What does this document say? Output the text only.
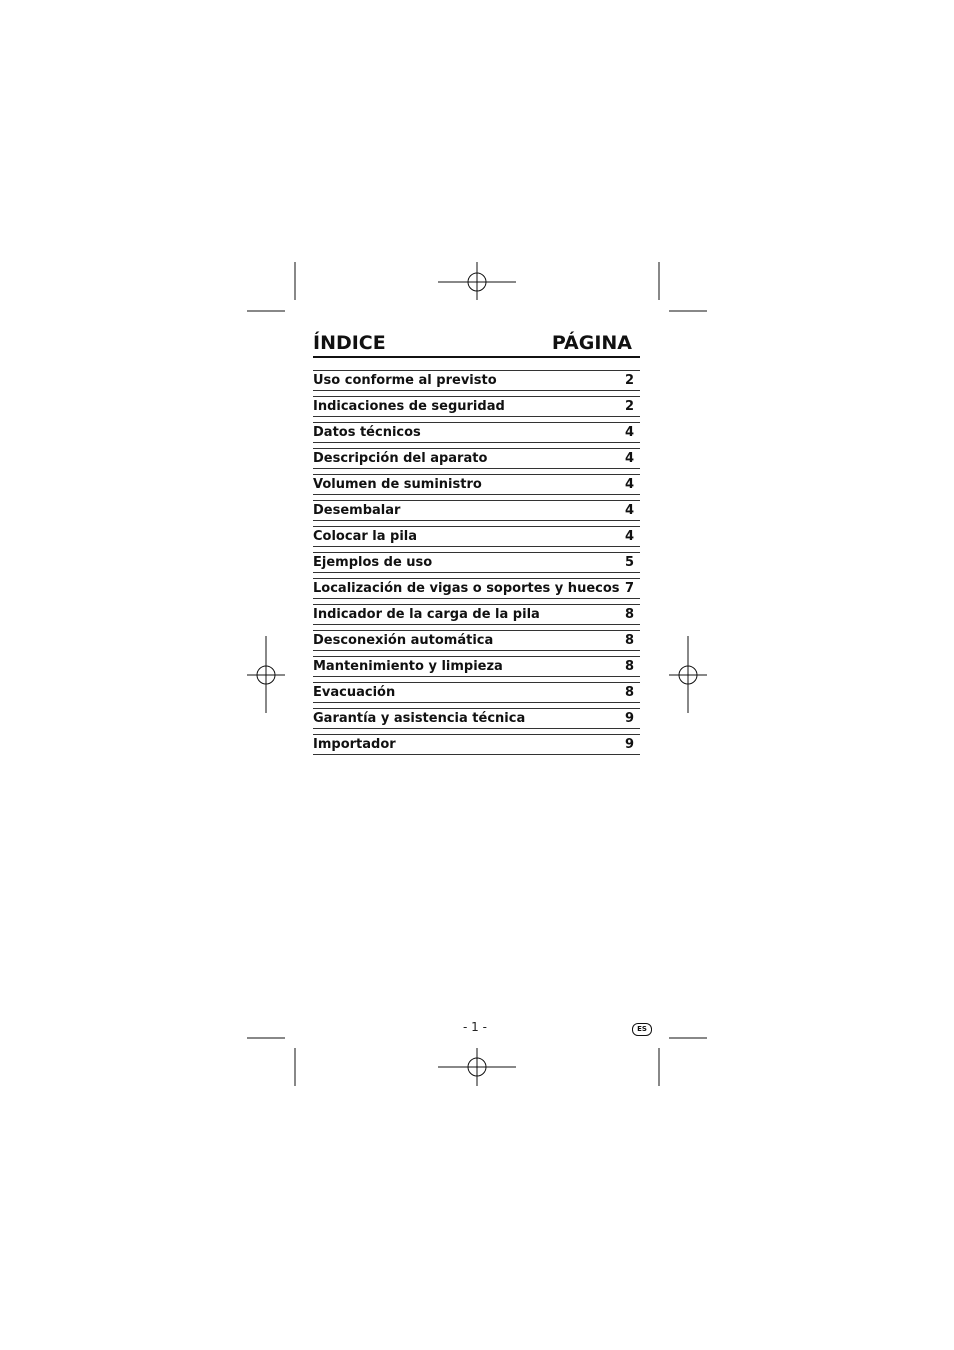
ÍNDICE	PÁGINA
Uso conforme al previsto	2
Indicaciones de seguridad	2
Datos técnicos	4
Descripción del aparato	4
Volumen de suministro	4
Desembalar	4
Colocar la pila	4
Ejemplos de uso	5
Localización de vigas o soportes y huecos 7
Indicador de la carga de la pila	8
Desconexión automática	8
Mantenimiento y limpieza	8
Evacuación	8
Garantía y asistencia técnica	9
Importador	9
- 1 -	ES
